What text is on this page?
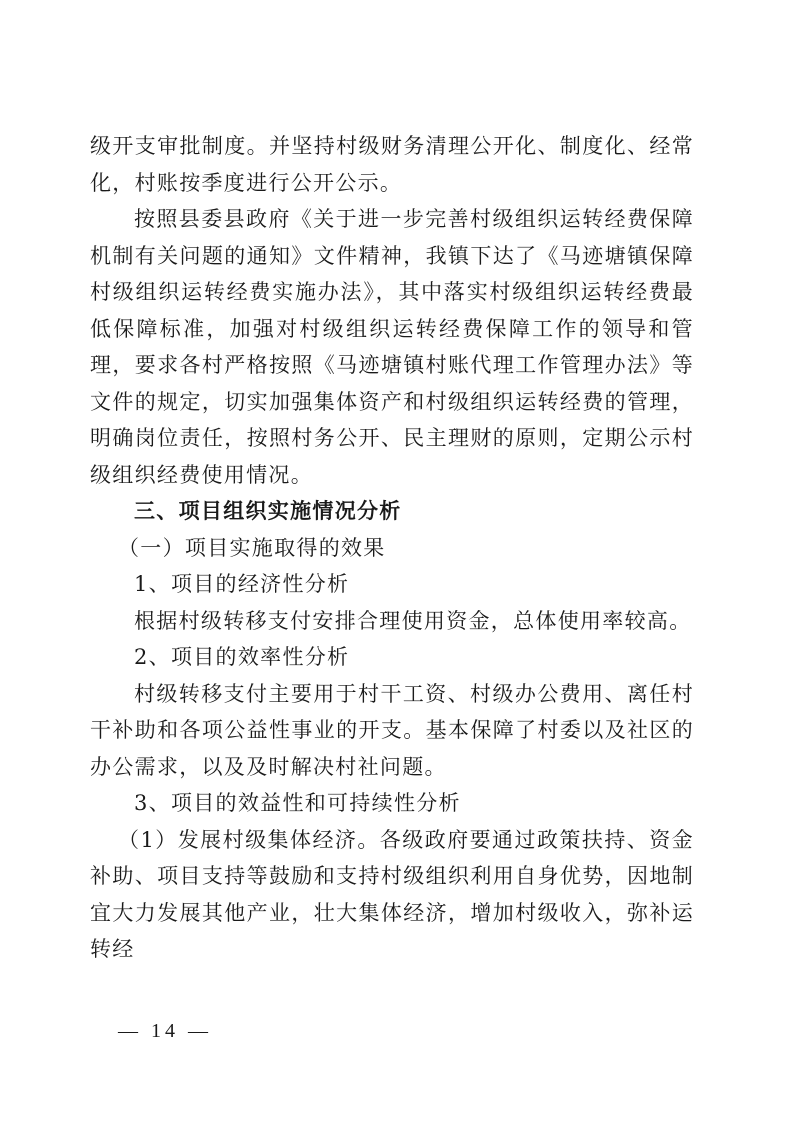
级开支审批制度。并坚持村级财务清理公开化、制度化、经常化，村账按季度进行公开公示。

按照县委县政府《关于进一步完善村级组织运转经费保障机制有关问题的通知》文件精神，我镇下达了《马迹塘镇保障村级组织运转经费实施办法》，其中落实村级组织运转经费最低保障标准，加强对村级组织运转经费保障工作的领导和管理，要求各村严格按照《马迹塘镇村账代理工作管理办法》等文件的规定，切实加强集体资产和村级组织运转经费的管理，明确岗位责任，按照村务公开、民主理财的原则，定期公示村级组织经费使用情况。

三、项目组织实施情况分析

（一）项目实施取得的效果

1、项目的经济性分析

根据村级转移支付安排合理使用资金，总体使用率较高。

2、项目的效率性分析

村级转移支付主要用于村干工资、村级办公费用、离任村干补助和各项公益性事业的开支。基本保障了村委以及社区的办公需求，以及及时解决村社问题。

3、项目的效益性和可持续性分析

（1）发展村级集体经济。各级政府要通过政策扶持、资金补助、项目支持等鼓励和支持村级组织利用自身优势，因地制宜大力发展其他产业，壮大集体经济，增加村级收入，弥补运转经

— 14 —
